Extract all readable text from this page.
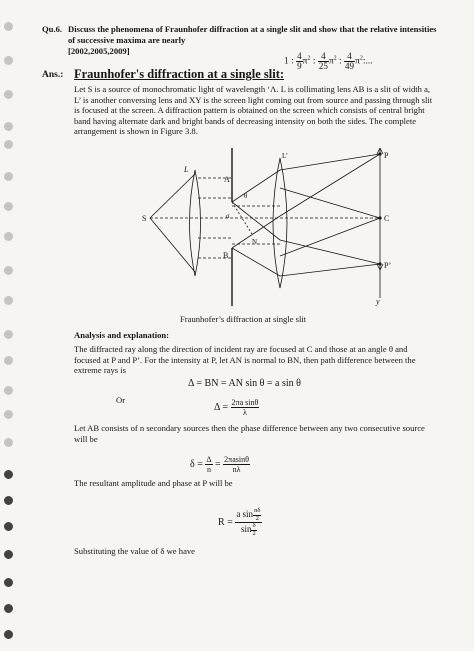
Qu.6. Discuss the phenomena of Fraunhofer diffraction at a single slit and show that the relative intensities of successive maxima are nearly
[2002,2005,2009]
1 : $\frac{4}{9} \pi^2$ : $\frac{4}{25} \pi^2$ : $\frac{4}{49} \pi^2$:...
Ans.: Fraunhofer's diffraction at a single slit:
Let S is a source of monochromatic light of wavelength ‘Λ. L is collimating lens AB is a slit of width a, L’ is another conversing lens and XY is the screen light coming out from source and passing through slit is focused at the screen. A diffraction pattern is obtained on the screen which consists of central bright band having alternate dark and bright bands of decreasing intensity on both the sides. The complete arrangement is shown in Figure 3.8.
S
L
A
B
a
N
θ
L’	P
C
P’
y
Fraunhofer’s diffraction at single slit
Analysis and explanation:
The diffracted ray along the direction of incident ray are focused at C and those at an angle θ and focused at P and P’. For the intensity at P, let AN is normal to BN, then path difference between the extreme rays is
Δ = BN = AN sin θ = a sin θ
Or
$\Delta = \frac{\text{2πa sinθ}}{\lambda}$
Let AB consists of n secondary sources then the phase difference between any two consecutive source will be
$\delta = \frac{\Delta}{n} = \frac{2\pi asin\theta}{n\lambda}$
The resultant amplitude and phase at P will be
$R = \frac{a \sin \frac{n\delta}{2}}{\sin \frac{\delta}{2}}$
Substituting the value of δ we have
